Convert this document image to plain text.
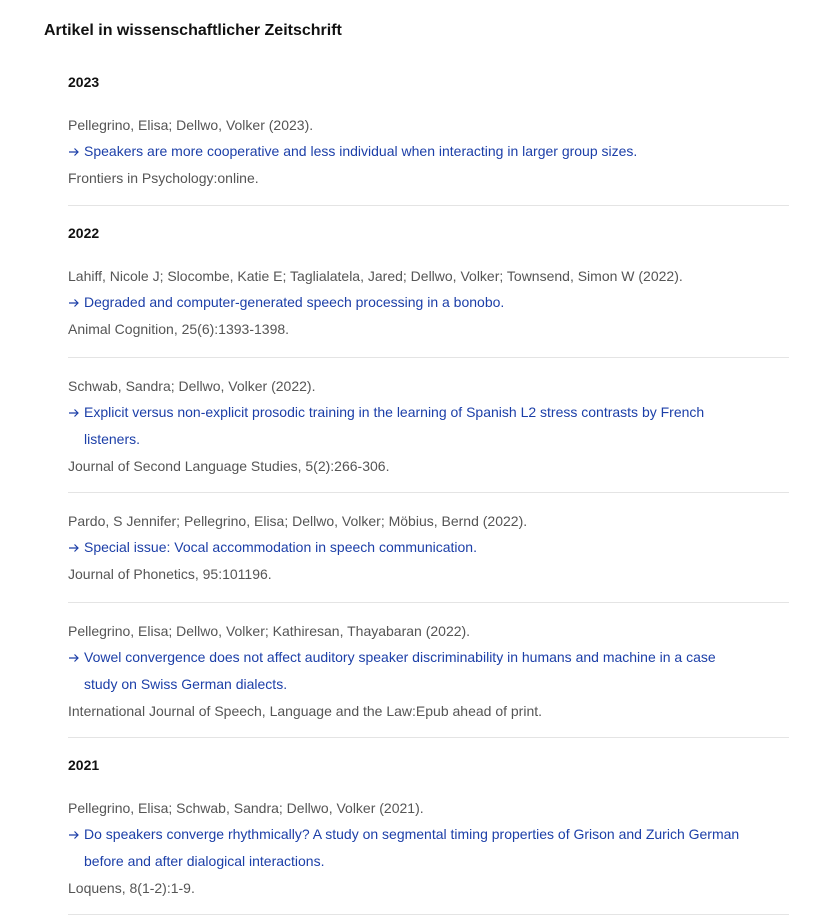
Artikel in wissenschaftlicher Zeitschrift
2023
Pellegrino, Elisa; Dellwo, Volker (2023).
Speakers are more cooperative and less individual when interacting in larger group sizes.
Frontiers in Psychology:online.
2022
Lahiff, Nicole J; Slocombe, Katie E; Taglialatela, Jared; Dellwo, Volker; Townsend, Simon W (2022).
Degraded and computer-generated speech processing in a bonobo.
Animal Cognition, 25(6):1393-1398.
Schwab, Sandra; Dellwo, Volker (2022).
Explicit versus non-explicit prosodic training in the learning of Spanish L2 stress contrasts by French
listeners.
Journal of Second Language Studies, 5(2):266-306.
Pardo, S Jennifer; Pellegrino, Elisa; Dellwo, Volker; Möbius, Bernd (2022).
Special issue: Vocal accommodation in speech communication.
Journal of Phonetics, 95:101196.
Pellegrino, Elisa; Dellwo, Volker; Kathiresan, Thayabaran (2022).
Vowel convergence does not affect auditory speaker discriminability in humans and machine in a case
study on Swiss German dialects.
International Journal of Speech, Language and the Law:Epub ahead of print.
2021
Pellegrino, Elisa; Schwab, Sandra; Dellwo, Volker (2021).
Do speakers converge rhythmically? A study on segmental timing properties of Grison and Zurich German
before and after dialogical interactions.
Loquens, 8(1-2):1-9.
